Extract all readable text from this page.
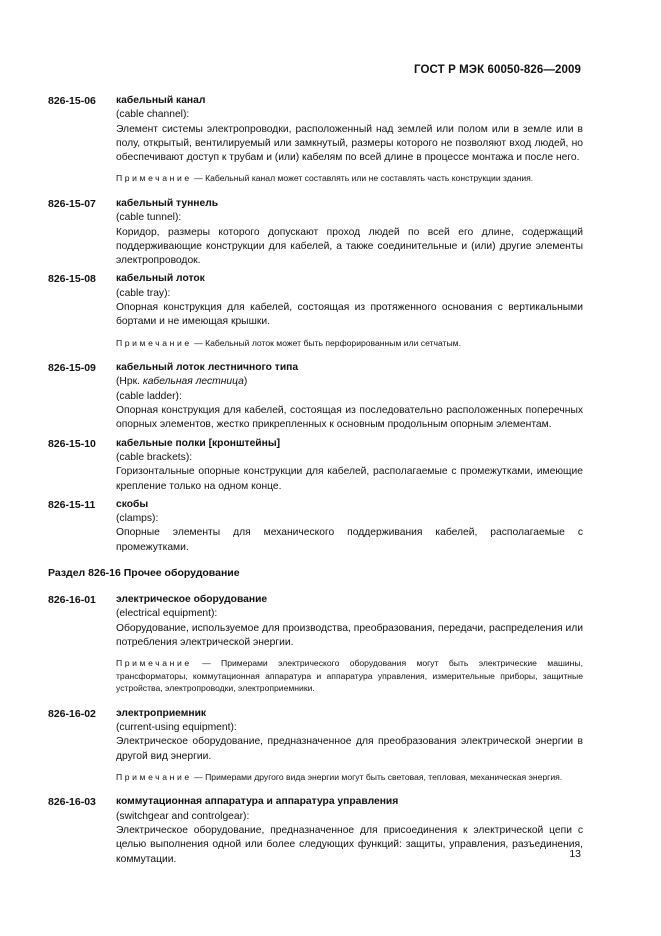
ГОСТ Р МЭК 60050-826—2009
826-15-06	кабельный канал
(cable channel):
Элемент системы электропроводки, расположенный над землей или полом или в земле или в полу, открытый, вентилируемый или замкнутый, размеры которого не позволяют вход людей, но обеспечивают доступ к трубам и (или) кабелям по всей длине в процессе монтажа и после него.
Примечание — Кабельный канал может составлять или не составлять часть конструкции здания.
826-15-07	кабельный туннель
(cable tunnel):
Коридор, размеры которого допускают проход людей по всей его длине, содержащий поддерживающие конструкции для кабелей, а также соединительные и (или) другие элементы электропроводок.
826-15-08	кабельный лоток
(cable tray):
Опорная конструкция для кабелей, состоящая из протяженного основания с вертикальными бортами и не имеющая крышки.
Примечание — Кабельный лоток может быть перфорированным или сетчатым.
826-15-09	кабельный лоток лестничного типа
(Нрк. кабельная лестница)
(cable ladder):
Опорная конструкция для кабелей, состоящая из последовательно расположенных поперечных опорных элементов, жестко прикрепленных к основным продольным опорным элементам.
826-15-10	кабельные полки [кронштейны]
(cable brackets):
Горизонтальные опорные конструкции для кабелей, располагаемые с промежутками, имеющие крепление только на одном конце.
826-15-11	скобы
(clamps):
Опорные элементы для механического поддерживания кабелей, располагаемые с промежутками.
Раздел 826-16 Прочее оборудование
826-16-01	электрическое оборудование
(electrical equipment):
Оборудование, используемое для производства, преобразования, передачи, распределения или потребления электрической энергии.
Примечание — Примерами электрического оборудования могут быть электрические машины, трансформаторы, коммутационная аппаратура и аппаратура управления, измерительные приборы, защитные устройства, электропроводки, электроприемники.
826-16-02	электроприемник
(current-using equipment):
Электрическое оборудование, предназначенное для преобразования электрической энергии в другой вид энергии.
Примечание — Примерами другого вида энергии могут быть световая, тепловая, механическая энергия.
826-16-03	коммутационная аппаратура и аппаратура управления
(switchgear and controlgear):
Электрическое оборудование, предназначенное для присоединения к электрической цепи с целью выполнения одной или более следующих функций: защиты, управления, разъединения, коммутации.	13
